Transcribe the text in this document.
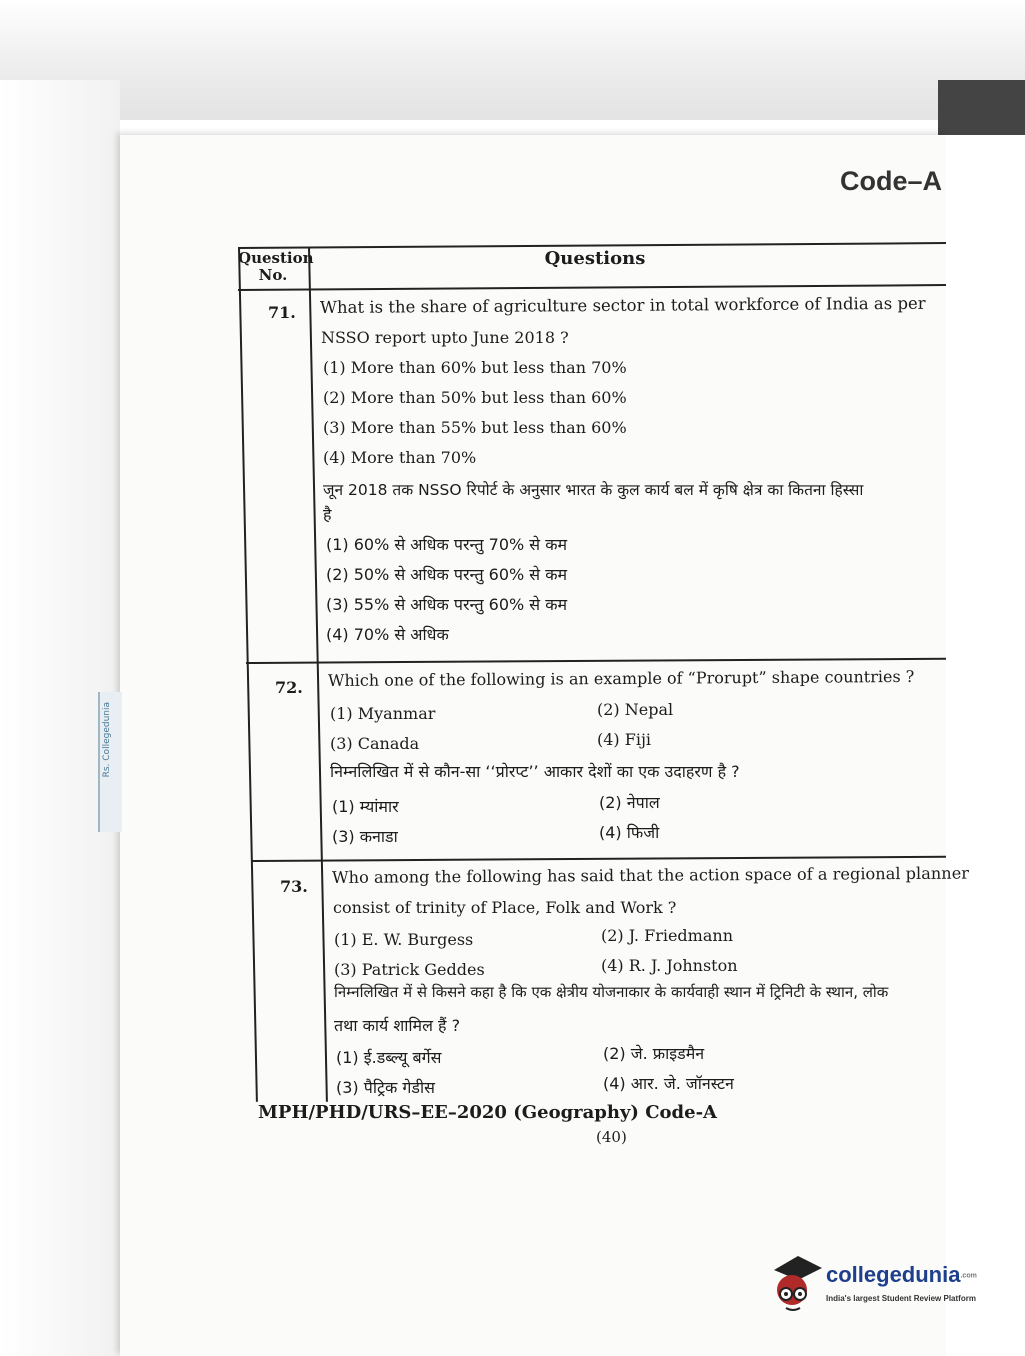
Rs. Collegedunia
Code–A
Question
No.
Questions
71. What is the share of agriculture sector in total workforce of India as per
NSSO report upto June 2018 ?
(1) More than 60% but less than 70%
(2) More than 50% but less than 60%
(3) More than 55% but less than 60%
(4) More than 70%
जून 2018 तक NSSO रिपोर्ट के अनुसार भारत के कुल कार्य बल में कृषि क्षेत्र का कितना हिस्सा
है
(1) 60% से अधिक परन्तु 70% से कम
(2) 50% से अधिक परन्तु 60% से कम
(3) 55% से अधिक परन्तु 60% से कम
(4) 70% से अधिक
72. Which one of the following is an example of “Prorupt” shape countries ?
(1) Myanmar	(2) Nepal
(3) Canada	(4) Fiji
निम्नलिखित में से कौन-सा ‘‘प्रोरप्ट’’ आकार देशों का एक उदाहरण है ?
(1) म्यांमार	(2) नेपाल
(3) कनाडा	(4) फिजी
73. Who among the following has said that the action space of a regional planner
consist of trinity of Place, Folk and Work ?
(1) E. W. Burgess	(2) J. Friedmann
(3) Patrick Geddes	(4) R. J. Johnston
निम्नलिखित में से किसने कहा है कि एक क्षेत्रीय योजनाकार के कार्यवाही स्थान में ट्रिनिटी के स्थान, लोक
तथा कार्य शामिल हैं ?
(1) ई.डब्ल्यू बर्गेस	(2) जे. फ्राइडमैन
(3) पैट्रिक गेडीस	(4) आर. जे. जॉनस्टन
MPH/PHD/URS–EE–2020 (Geography) Code-A
(40)
collegedunia.com
India's largest Student Review Platform
